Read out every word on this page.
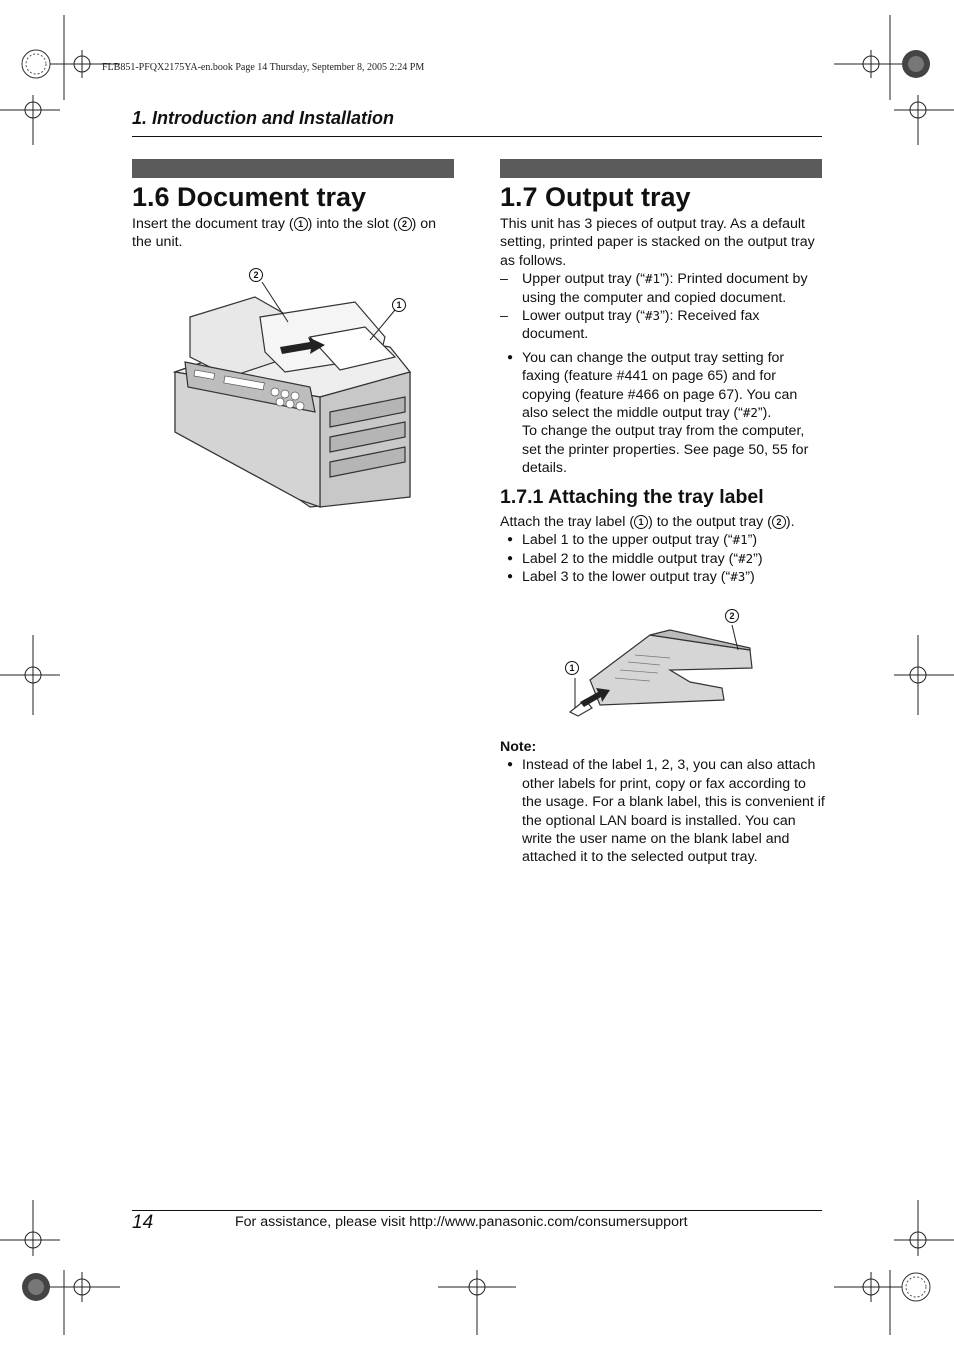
FLB851-PFQX2175YA-en.book Page 14 Thursday, September 8, 2005 2:24 PM
1. Introduction and Installation
1.6 Document tray
Insert the document tray ( 1 ) into the slot ( 2 ) on the unit.
2
1
1.7 Output tray

This unit has 3 pieces of output tray. As a default setting, printed paper is stacked on the output tray as follows.

– Upper output tray (“#1”): Printed document by using the computer and copied document.
– Lower output tray (“#3”): Received fax document.
● You can change the output tray setting for faxing (feature #441 on page 65) and for copying (feature #466 on page 67). You can also select the middle output tray (“#2”).
To change the output tray from the computer, set the printer properties. See page 50, 55 for details.
1.7.1 Attaching the tray label

Attach the tray label ( 1 ) to the output tray ( 2 ).

● Label 1 to the upper output tray (“#1”)
● Label 2 to the middle output tray (“#2”)
● Label 3 to the lower output tray (“#3”)
2
1

Note:

● Instead of the label 1, 2, 3, you can also attach other labels for print, copy or fax according to the usage. For a blank label, this is convenient if the optional LAN board is installed. You can write the user name on the blank label and attached it to the selected output tray.
14	For assistance, please visit http://www.panasonic.com/consumersupport
